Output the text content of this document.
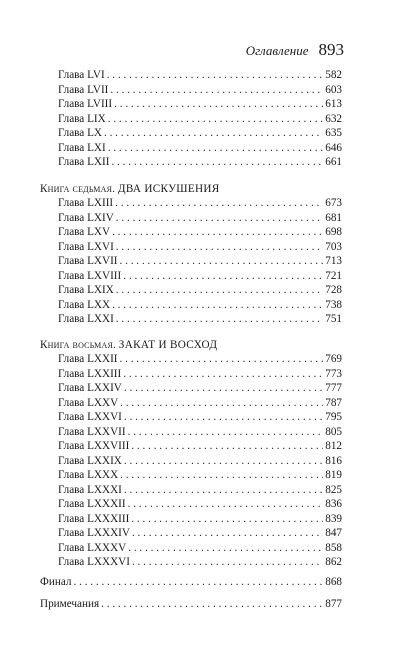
Оглавление 893
Глава LVI . . .	582
Глава LVII . . .	603
Глава LVIII . . .	613
Глава LIX . . .	632
Глава LX . . .	635
Глава LXI . . .	646
Глава LXII . . .	661
Книга седьмая. ДВА ИСКУШЕНИЯ
Глава LXIII . . .	673
Глава LXIV . . .	681
Глава LXV . . .	698
Глава LXVI . . .	703
Глава LXVII . . .	713
Глава LXVIII . . .	721
Глава LXIX . . .	728
Глава LXX . . .	738
Глава LXXI . . .	751
Книга восьмая. ЗАКАТ И ВОСХОД
Глава LXXII . . .	769
Глава LXXIII . . .	773
Глава LXXIV . . .	777
Глава LXXV . . .	787
Глава LXXVI . . .	795
Глава LXXVII . . .	805
Глава LXXVIII . . .	812
Глава LXXIX . . .	816
Глава LXXX . . .	819
Глава LXXXI . . .	825
Глава LXXXII . . .	836
Глава LXXXIII . . .	839
Глава LXXXIV . . .	847
Глава LXXXV . . .	858
Глава LXXXVI . . .	862
Финал . . .	868
Примечания . . .	877
